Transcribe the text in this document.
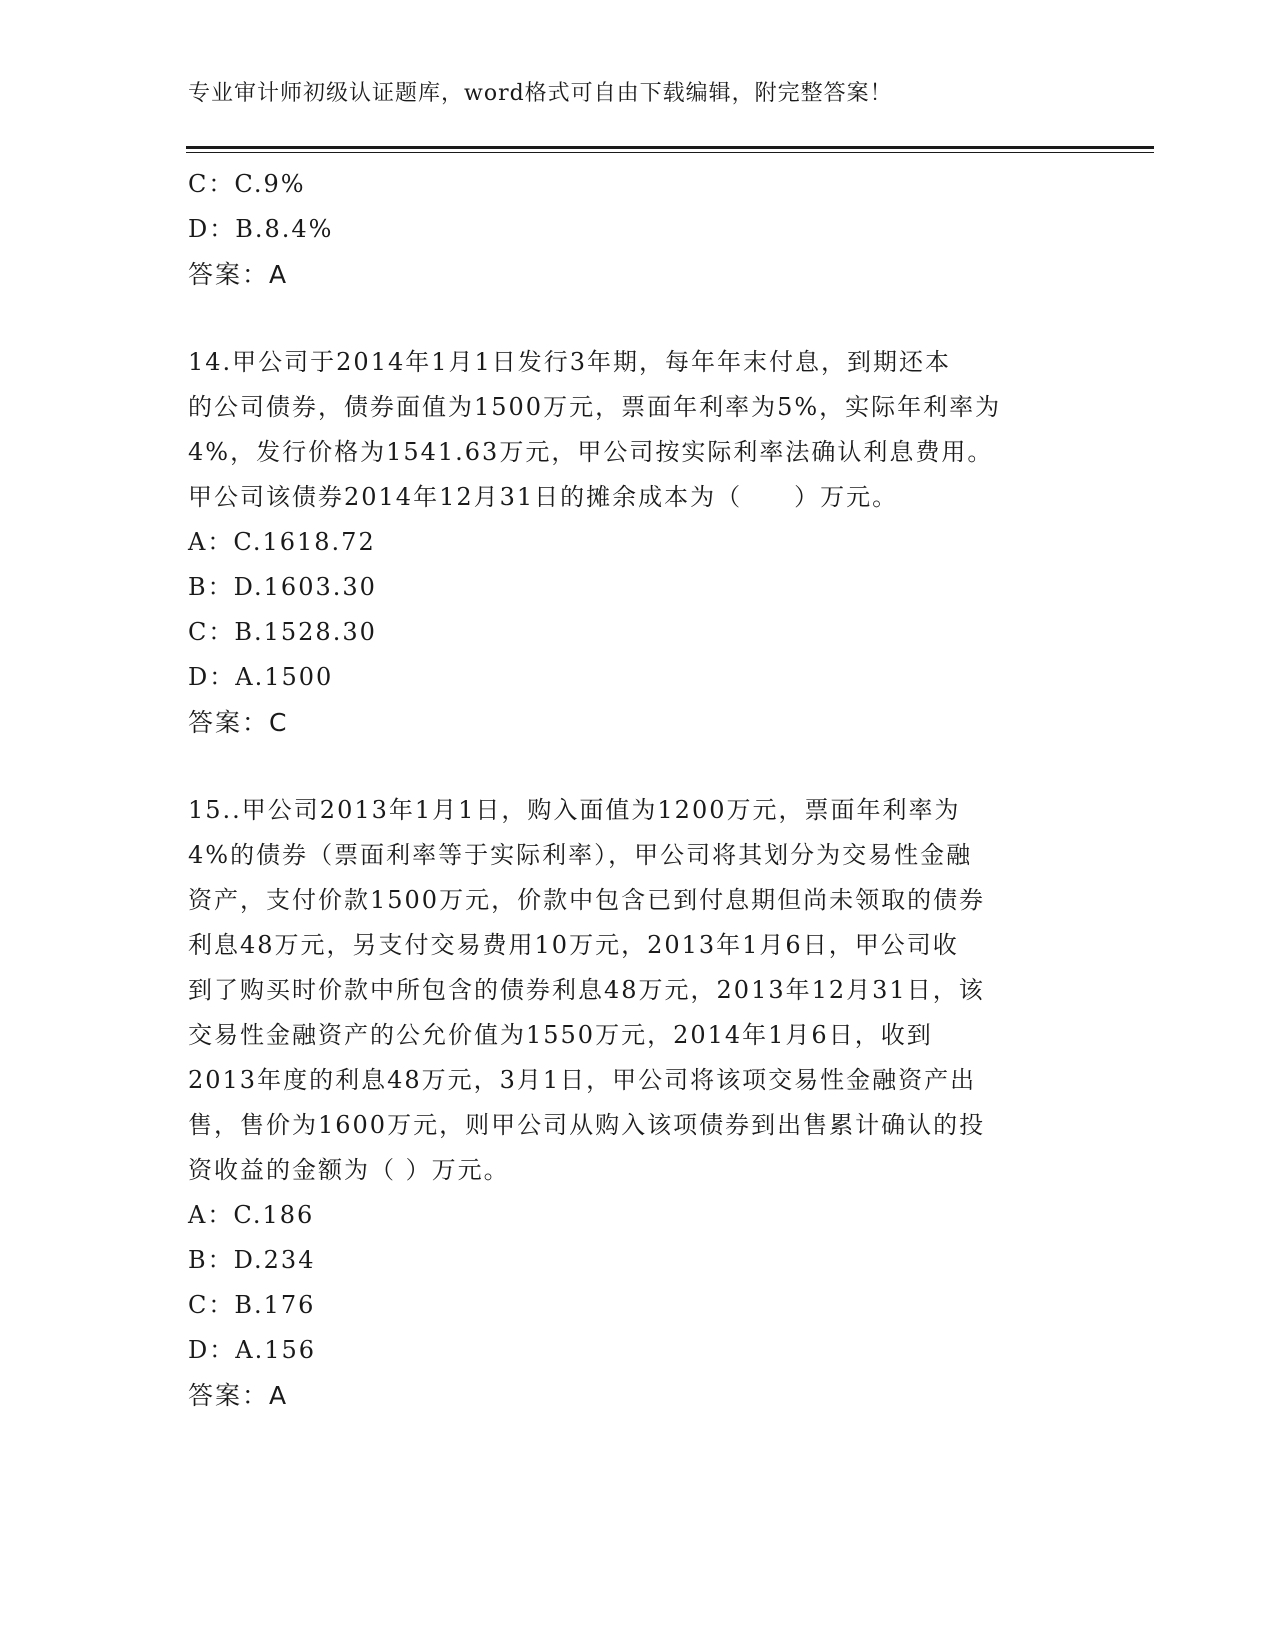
专业审计师初级认证题库，word格式可自由下载编辑，附完整答案！
C：C.9%
D：B.8.4%
答案：A
14.甲公司于2014年1月1日发行3年期，每年年末付息，到期还本
的公司债券，债券面值为1500万元，票面年利率为5%，实际年利率为
4%，发行价格为1541.63万元，甲公司按实际利率法确认利息费用。
甲公司该债券2014年12月31日的摊余成本为（　　）万元。
A：C.1618.72
B：D.1603.30
C：B.1528.30
D：A.1500
答案：C
15..甲公司2013年1月1日，购入面值为1200万元，票面年利率为
4%的债券（票面利率等于实际利率），甲公司将其划分为交易性金融
资产，支付价款1500万元，价款中包含已到付息期但尚未领取的债券
利息48万元，另支付交易费用10万元，2013年1月6日，甲公司收
到了购买时价款中所包含的债券利息48万元，2013年12月31日，该
交易性金融资产的公允价值为1550万元，2014年1月6日，收到
2013年度的利息48万元，3月1日，甲公司将该项交易性金融资产出
售，售价为1600万元，则甲公司从购入该项债券到出售累计确认的投
资收益的金额为（ ）万元。
A：C.186
B：D.234
C：B.176
D：A.156
答案：A
